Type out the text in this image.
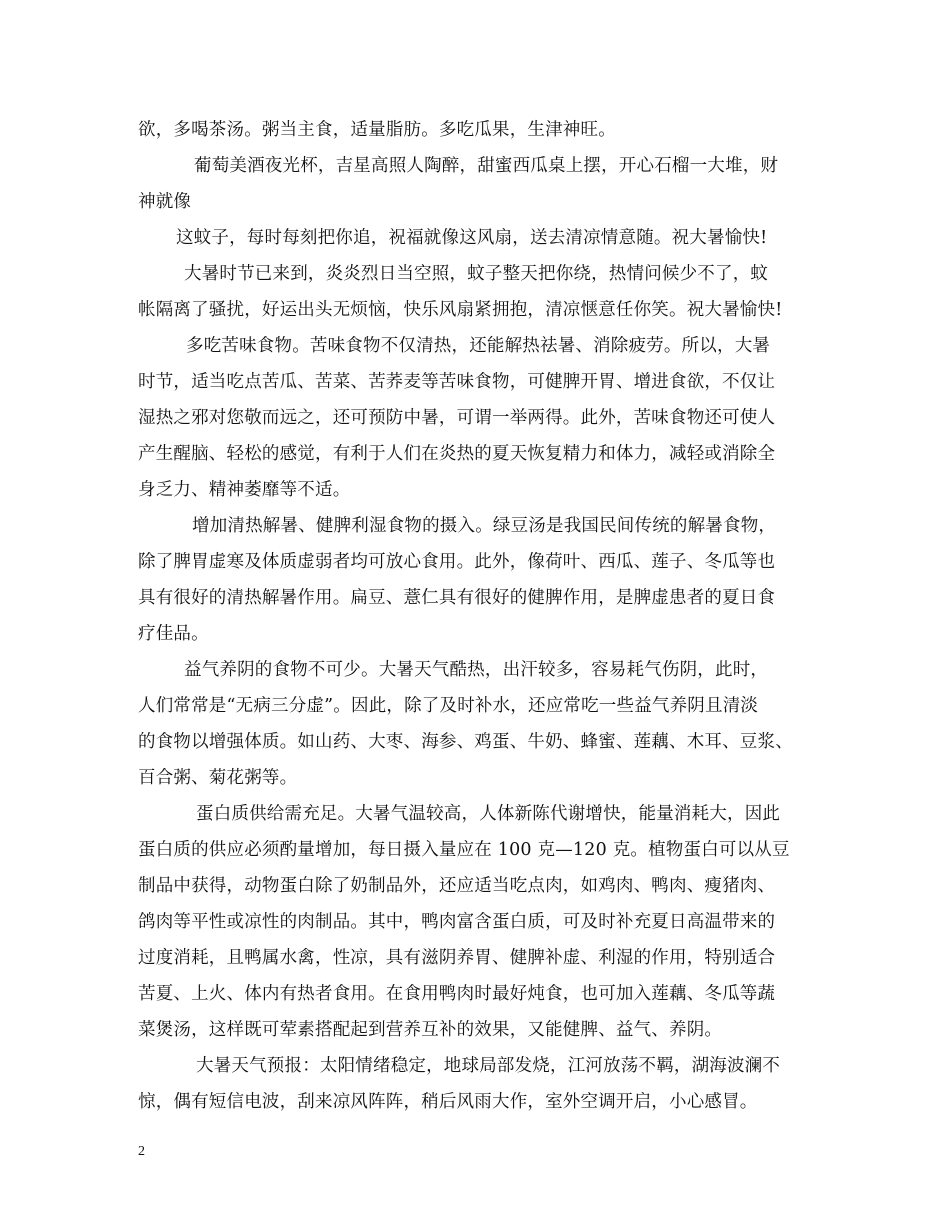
欲，多喝茶汤。粥当主食，适量脂肪。多吃瓜果，生津神旺。
葡萄美酒夜光杯，吉星高照人陶醉，甜蜜西瓜桌上摆，开心石榴一大堆，财
神就像
这蚊子，每时每刻把你追，祝福就像这风扇，送去清凉情意随。祝大暑愉快!
大暑时节已来到，炎炎烈日当空照，蚊子整天把你绕，热情问候少不了，蚊
帐隔离了骚扰，好运出头无烦恼，快乐风扇紧拥抱，清凉惬意任你笑。祝大暑愉快!
多吃苦味食物。苦味食物不仅清热，还能解热祛暑、消除疲劳。所以，大暑
时节，适当吃点苦瓜、苦菜、苦荞麦等苦味食物，可健脾开胃、增进食欲，不仅让
湿热之邪对您敬而远之，还可预防中暑，可谓一举两得。此外，苦味食物还可使人
产生醒脑、轻松的感觉，有利于人们在炎热的夏天恢复精力和体力，减轻或消除全
身乏力、精神萎靡等不适。
增加清热解暑、健脾利湿食物的摄入。绿豆汤是我国民间传统的解暑食物，
除了脾胃虚寒及体质虚弱者均可放心食用。此外，像荷叶、西瓜、莲子、冬瓜等也
具有很好的清热解暑作用。扁豆、薏仁具有很好的健脾作用，是脾虚患者的夏日食
疗佳品。
益气养阴的食物不可少。大暑天气酷热，出汗较多，容易耗气伤阴，此时，
人们常常是“无病三分虚”。因此，除了及时补水，还应常吃一些益气养阴且清淡
的食物以增强体质。如山药、大枣、海参、鸡蛋、牛奶、蜂蜜、莲藕、木耳、豆浆、
百合粥、菊花粥等。
蛋白质供给需充足。大暑气温较高，人体新陈代谢增快，能量消耗大，因此
蛋白质的供应必须酌量增加，每日摄入量应在 100 克—120 克。植物蛋白可以从豆
制品中获得，动物蛋白除了奶制品外，还应适当吃点肉，如鸡肉、鸭肉、瘦猪肉、
鸽肉等平性或凉性的肉制品。其中，鸭肉富含蛋白质，可及时补充夏日高温带来的
过度消耗，且鸭属水禽，性凉，具有滋阴养胃、健脾补虚、利湿的作用，特别适合
苦夏、上火、体内有热者食用。在食用鸭肉时最好炖食，也可加入莲藕、冬瓜等蔬
菜煲汤，这样既可荤素搭配起到营养互补的效果，又能健脾、益气、养阴。
大暑天气预报：太阳情绪稳定，地球局部发烧，江河放荡不羁，湖海波澜不
惊，偶有短信电波，刮来凉风阵阵，稍后风雨大作，室外空调开启，小心感冒。
2
